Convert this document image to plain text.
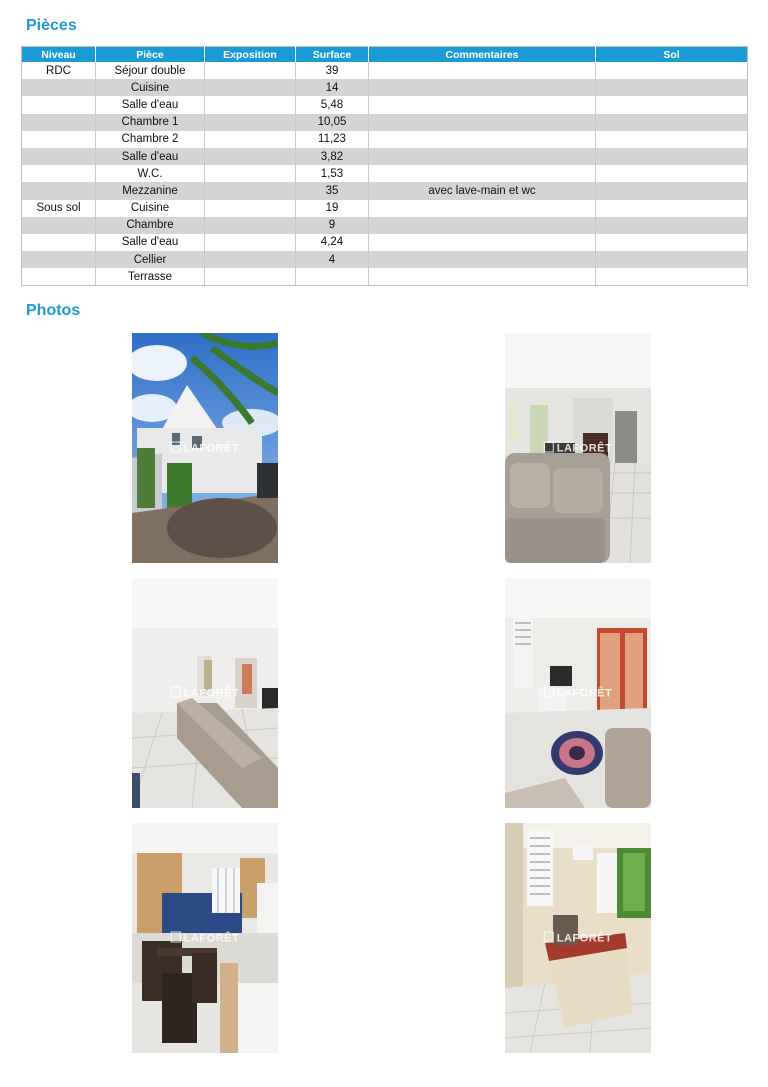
Pièces
Niveau	Pièce	Exposition	Surface	Commentaires	Sol
RDC	Séjour double		39		
	Cuisine		14		
	Salle d'eau		5,48		
	Chambre 1		10,05		
	Chambre 2		11,23		
	Salle d'eau		3,82		
	W.C.		1,53		
	Mezzanine		35	avec lave-main et wc	
Sous sol	Cuisine		19		
	Chambre		9		
	Salle d'eau		4,24		
	Cellier		4		
	Terrasse				
Photos
LAFORÊT	LAFORÊT
LAFORÊT	LAFORÊT
LAFORÊT	LAFORÊT
